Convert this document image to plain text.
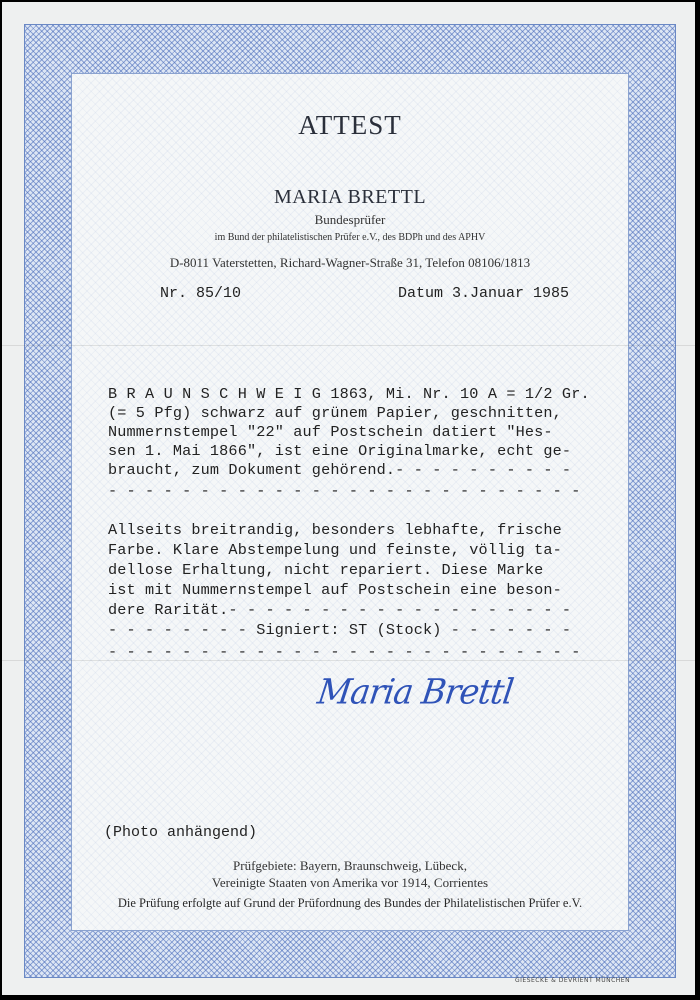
ATTEST
MARIA BRETTL
Bundesprüfer
im Bund der philatelistischen Prüfer e.V., des BDPh und des APHV
D-8011 Vaterstetten, Richard-Wagner-Straße 31, Telefon 08106/1813
Nr. 85/10	Datum 3.Januar 1985
B R A U N S C H W E I G 1863, Mi. Nr. 10 A = 1/2 Gr.
(= 5 Pfg) schwarz auf grünem Papier, geschnitten,
Nummernstempel "22" auf Postschein datiert "Hes-
sen 1. Mai 1866", ist eine Originalmarke, echt ge-
braucht, zum Dokument gehörend.- - - - - - - - - -
- - - - - - - - - - - - - - - - - - - - - - - - - -
Allseits breitrandig, besonders lebhafte, frische
Farbe. Klare Abstempelung und feinste, völlig ta-
dellose Erhaltung, nicht repariert. Diese Marke
ist mit Nummernstempel auf Postschein eine beson-
dere Rarität.- - - - - - - - - - - - - - - - - - -
- - - - - - - - Signiert: ST (Stock) - - - - - - -
- - - - - - - - - - - - - - - - - - - - - - - - - -
Maria Brettl
(Photo anhängend)
Prüfgebiete: Bayern, Braunschweig, Lübeck,
Vereinigte Staaten von Amerika vor 1914, Corrientes
Die Prüfung erfolgte auf Grund der Prüfordnung des Bundes der Philatelistischen Prüfer e.V.
GIESECKE & DEVRIENT MÜNCHEN
